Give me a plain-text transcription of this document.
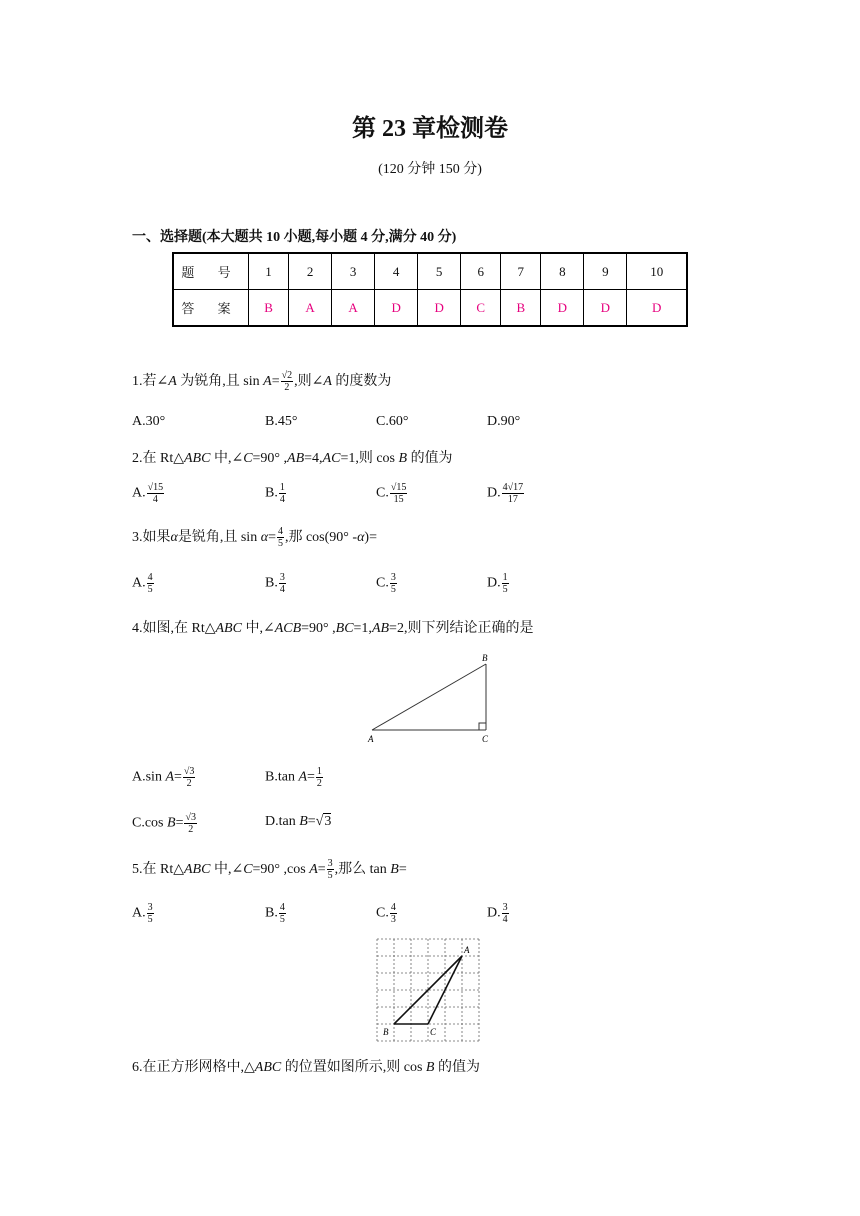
第 23 章检测卷
(120 分钟 150 分)
一、选择题(本大题共 10 小题,每小题 4 分,满分 40 分)
题 号	1	2	3	4	5	6	7	8	9	10
答 案	B	A	A	D	D	C	B	D	D	D
1.若∠A 为锐角,且 $\sin A= \frac{√2}{2}$ ,则∠A 的度数为
A.30°	B.45°	C.60°	D.90°
2.在 Rt△ABC 中,∠C=90° ,AB=4,AC=1,则 cos B 的值为
A. $\frac{√15}{4}$	B. $\frac{1}{4}$	C. $\frac{√15}{15}$	D. $\frac{4√17}{17}$
3.如果α是锐角,且 $\sin \alpha= \frac{4}{5}$ ,那 cos(90° -α)=
A. $\frac{4}{5}$	B. $\frac{3}{4}$	C. $\frac{3}{5}$	D. $\frac{1}{5}$
4.如图,在 Rt△ABC 中,∠ACB=90° ,BC=1,AB=2,则下列结论正确的是
A	C
B
A.sin $A= \frac{√3}{2}$	B.tan $A= \frac{1}{2}$
C.cos $B= \frac{√3}{2}$	D.tan B=√3
5.在 Rt△ABC 中,∠C=90° ,cos $A= \frac{3}{5}$ ,那么 tan B=
A. $\frac{3}{5}$	B. $\frac{4}{5}$	C. $\frac{4}{3}$	D. $\frac{3}{4}$
A
B	C
6.在正方形网格中,△ABC 的位置如图所示,则 cos B 的值为
